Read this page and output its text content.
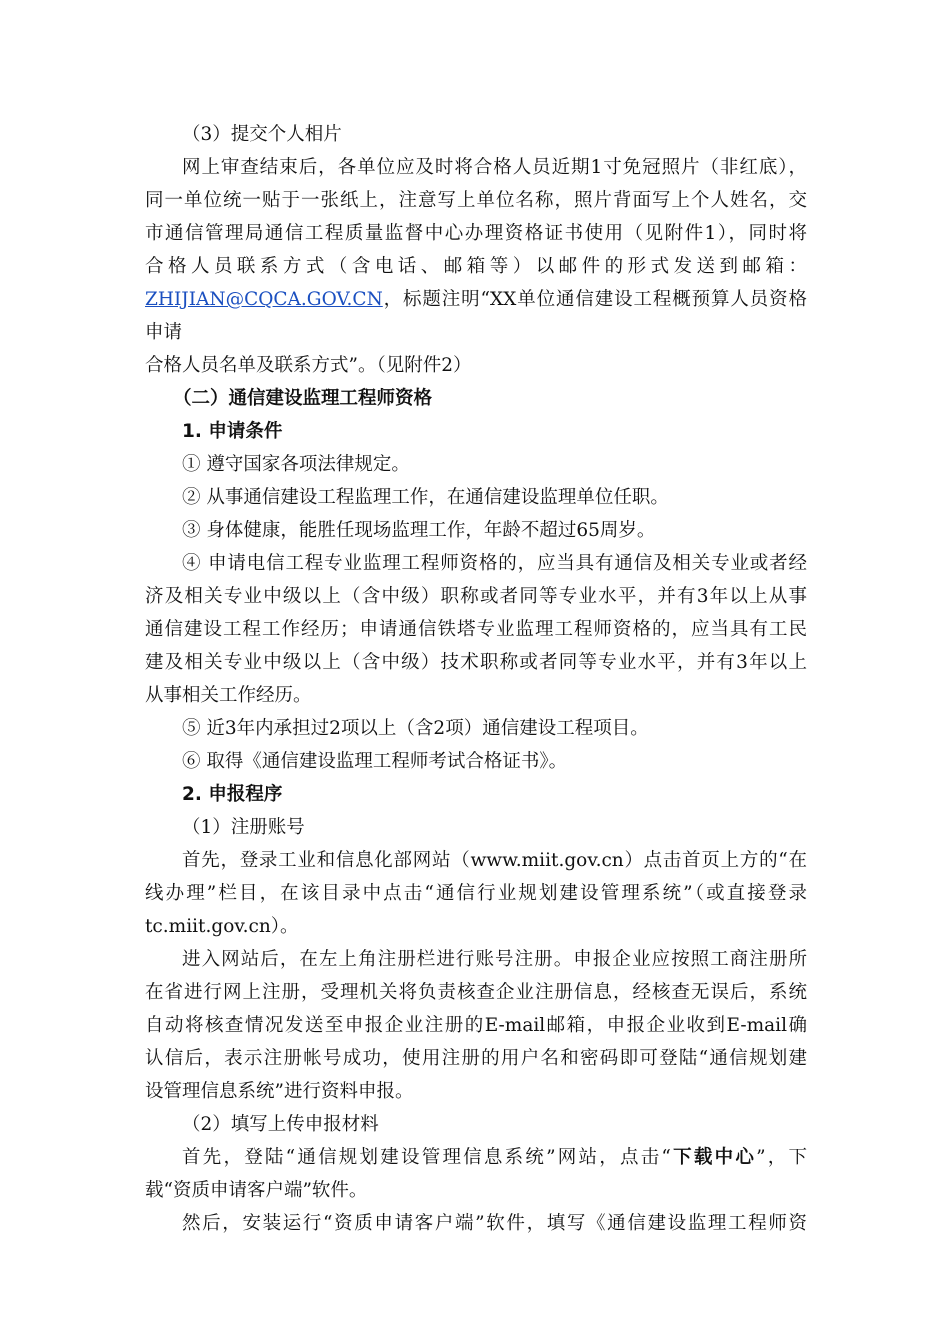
（3）提交个人相片

网上审查结束后，各单位应及时将合格人员近期1寸免冠照片（非红底），

同一单位统一贴于一张纸上，注意写上单位名称，照片背面写上个人姓名，交

市通信管理局通信工程质量监督中心办理资格证书使用（见附件1），同时将

合格人员联系方式（含电话、邮箱等）以邮件的形式发送到邮箱：

ZHIJIAN@CQCA.GOV.CN，标题注明“XX单位通信建设工程概预算人员资格申请

合格人员名单及联系方式”。（见附件2）

（二）通信建设监理工程师资格

1. 申请条件

① 遵守国家各项法律规定。

② 从事通信建设工程监理工作，在通信建设监理单位任职。

③ 身体健康，能胜任现场监理工作，年龄不超过65周岁。

④ 申请电信工程专业监理工程师资格的，应当具有通信及相关专业或者经

济及相关专业中级以上（含中级）职称或者同等专业水平，并有3年以上从事

通信建设工程工作经历；申请通信铁塔专业监理工程师资格的，应当具有工民

建及相关专业中级以上（含中级）技术职称或者同等专业水平，并有3年以上

从事相关工作经历。

⑤ 近3年内承担过2项以上（含2项）通信建设工程项目。

⑥ 取得《通信建设监理工程师考试合格证书》。

2. 申报程序

（1）注册账号

首先，登录工业和信息化部网站（www.miit.gov.cn）点击首页上方的“在

线办理”栏目，在该目录中点击“通信行业规划建设管理系统”（或直接登录

tc.miit.gov.cn）。

进入网站后，在左上角注册栏进行账号注册。申报企业应按照工商注册所

在省进行网上注册，受理机关将负责核查企业注册信息，经核查无误后，系统

自动将核查情况发送至申报企业注册的E-mail邮箱，申报企业收到E-mail确

认信后，表示注册帐号成功，使用注册的用户名和密码即可登陆“通信规划建

设管理信息系统”进行资料申报。

（2）填写上传申报材料

首先，登陆“通信规划建设管理信息系统”网站，点击“下载中心”，下

载“资质申请客户端”软件。

然后，安装运行“资质申请客户端”软件，填写《通信建设监理工程师资
